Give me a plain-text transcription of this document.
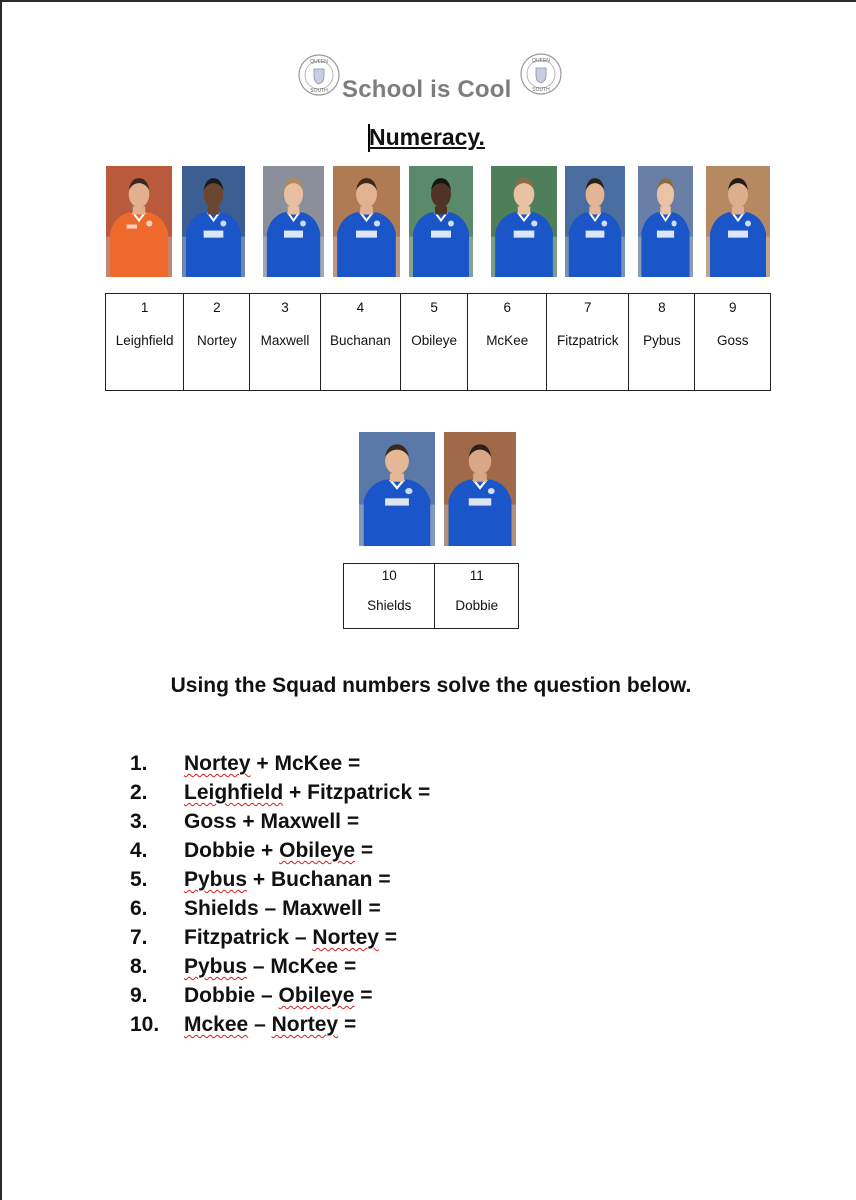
QUEEN
SOUTH School is Cool
QUEEN
SOUTH
Numeracy.
1
Leighfield

2
Nortey

3
Maxwell

4
Buchanan

5
Obileye

6
McKee

7
Fitzpatrick

8
Pybus

9
Goss
10
Shields

11
Dobbie
Using the Squad numbers solve the question below.
1. Nortey + McKee =
2. Leighfield + Fitzpatrick =
3. Goss + Maxwell =
4. Dobbie + Obileye =
5. Pybus + Buchanan =
6. Shields – Maxwell =
7. Fitzpatrick – Nortey =
8. Pybus – McKee =
9. Dobbie – Obileye =
10. Mckee – Nortey =
